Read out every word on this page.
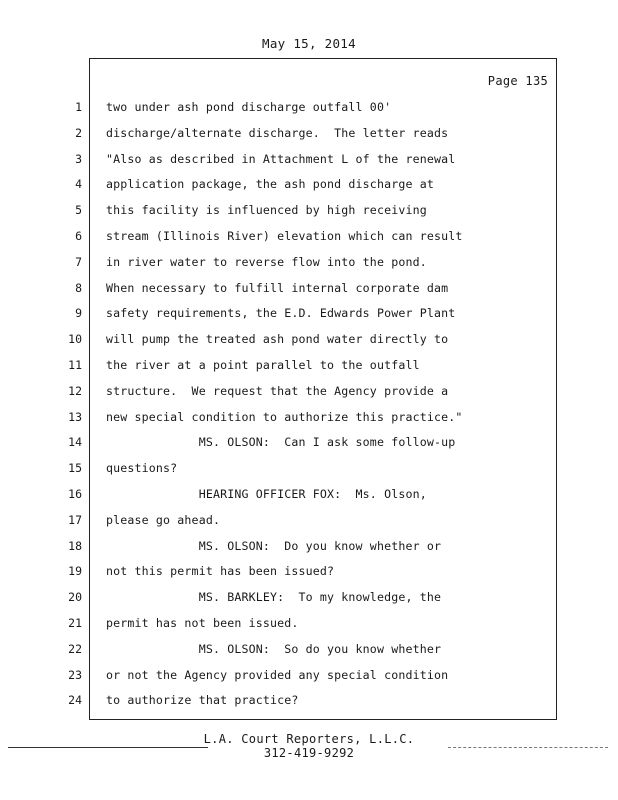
May 15, 2014
Page 135
1
2
3
4
5
6
7
8
9
10
11
12
13
14
15
16
17
18
19
20
21
22
23
24
two under ash pond discharge outfall 00'
discharge/alternate discharge.  The letter reads
"Also as described in Attachment L of the renewal
application package, the ash pond discharge at
this facility is influenced by high receiving
stream (Illinois River) elevation which can result
in river water to reverse flow into the pond.
When necessary to fulfill internal corporate dam
safety requirements, the E.D. Edwards Power Plant
will pump the treated ash pond water directly to
the river at a point parallel to the outfall
structure.  We request that the Agency provide a
new special condition to authorize this practice."
MS. OLSON:  Can I ask some follow-up
questions?
HEARING OFFICER FOX:  Ms. Olson,
please go ahead.
MS. OLSON:  Do you know whether or
not this permit has been issued?
MS. BARKLEY:  To my knowledge, the
permit has not been issued.
MS. OLSON:  So do you know whether
or not the Agency provided any special condition
to authorize that practice?
L.A. Court Reporters, L.L.C.
312-419-9292
